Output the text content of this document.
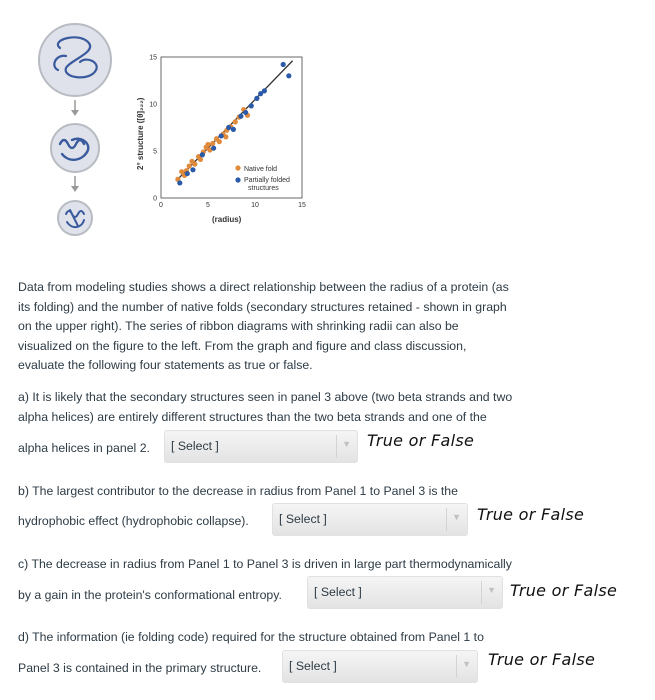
0	5	10	15
0
5
10
15
Native fold
Partially folded
structures
2° structure ([θ]₂₂₂)
(radius)
Data from modeling studies shows a direct relationship between the radius of a protein (as
its folding) and the number of native folds (secondary structures retained - shown in graph
on the upper right). The series of ribbon diagrams with shrinking radii can also be
visualized on the figure to the left. From the graph and figure and class discussion,
evaluate the following four statements as true or false.
a) It is likely that the secondary structures seen in panel 3 above (two beta strands and two
alpha helices) are entirely different structures than the two beta strands and one of the
alpha helices in panel 2. [ Select ]	▼ True or False
b) The largest contributor to the decrease in radius from Panel 1 to Panel 3 is the
hydrophobic effect (hydrophobic collapse). [ Select ]	▼ True or False
c) The decrease in radius from Panel 1 to Panel 3 is driven in large part thermodynamically
by a gain in the protein's conformational entropy.	[ Select ]	▼ True or False
d) The information (ie folding code) required for the structure obtained from Panel 1 to
Panel 3 is contained in the primary structure. [ Select ]	▼ True or False
